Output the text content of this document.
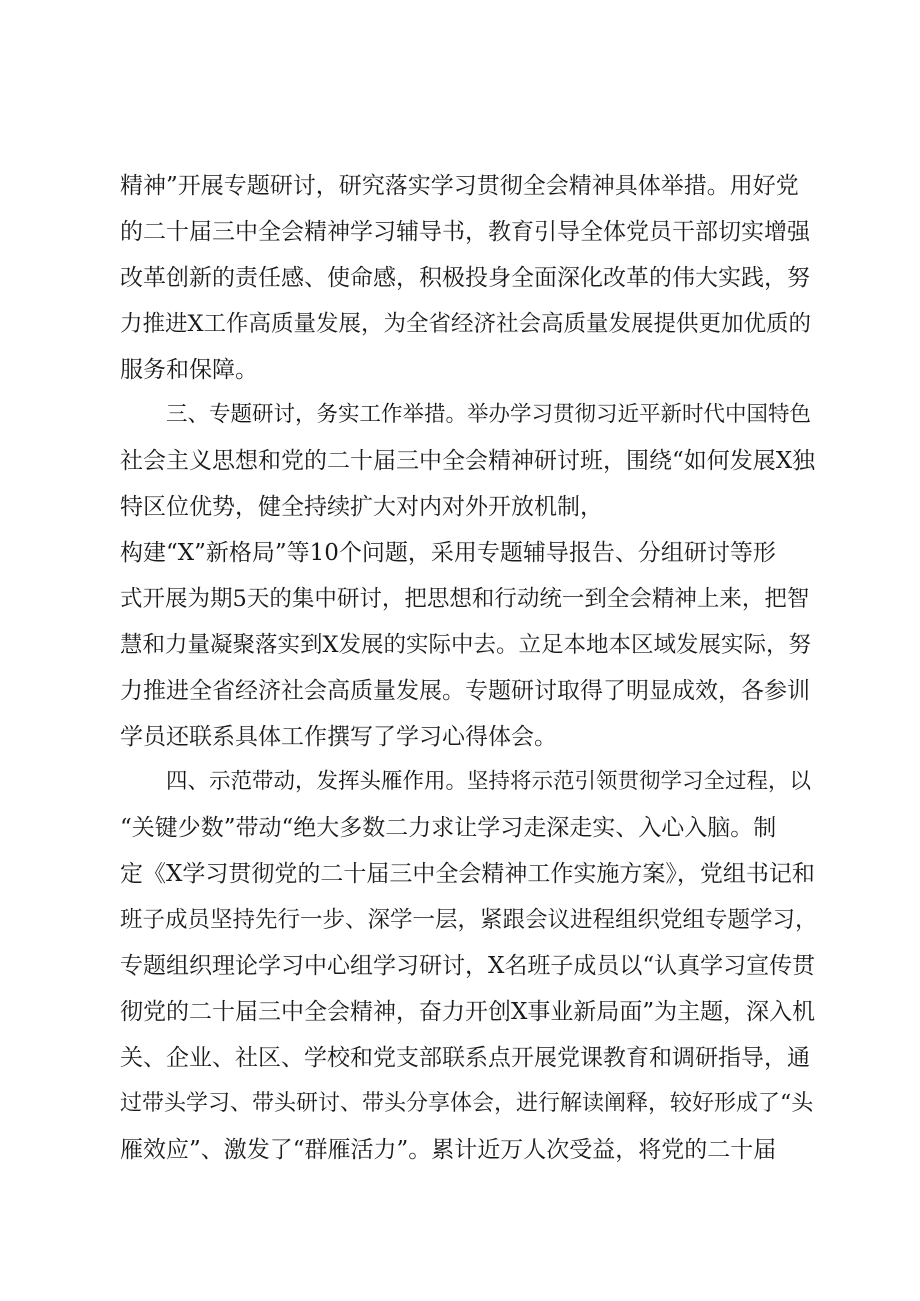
精神”开展专题研讨，研究落实学习贯彻全会精神具体举措。用好党
的二十届三中全会精神学习辅导书，教育引导全体党员干部切实增强
改革创新的责任感、使命感，积极投身全面深化改革的伟大实践，努
力推进X工作高质量发展，为全省经济社会高质量发展提供更加优质的
服务和保障。
三、专题研讨，务实工作举措。举办学习贯彻习近平新时代中国特色
社会主义思想和党的二十届三中全会精神研讨班，围绕“如何发展X独
特区位优势，健全持续扩大对内对外开放机制，
构建“X”新格局”等10个问题，采用专题辅导报告、分组研讨等形
式开展为期5天的集中研讨，把思想和行动统一到全会精神上来，把智
慧和力量凝聚落实到X发展的实际中去。立足本地本区域发展实际，努
力推进全省经济社会高质量发展。专题研讨取得了明显成效，各参训
学员还联系具体工作撰写了学习心得体会。
四、示范带动，发挥头雁作用。坚持将示范引领贯彻学习全过程，以
“关键少数”带动“绝大多数二力求让学习走深走实、入心入脑。制
定《X学习贯彻党的二十届三中全会精神工作实施方案》，党组书记和
班子成员坚持先行一步、深学一层，紧跟会议进程组织党组专题学习，
专题组织理论学习中心组学习研讨，X名班子成员以“认真学习宣传贯
彻党的二十届三中全会精神，奋力开创X事业新局面”为主题，深入机
关、企业、社区、学校和党支部联系点开展党课教育和调研指导，通
过带头学习、带头研讨、带头分享体会，进行解读阐释，较好形成了“头
雁效应”、激发了“群雁活力”。累计近万人次受益，将党的二十届
